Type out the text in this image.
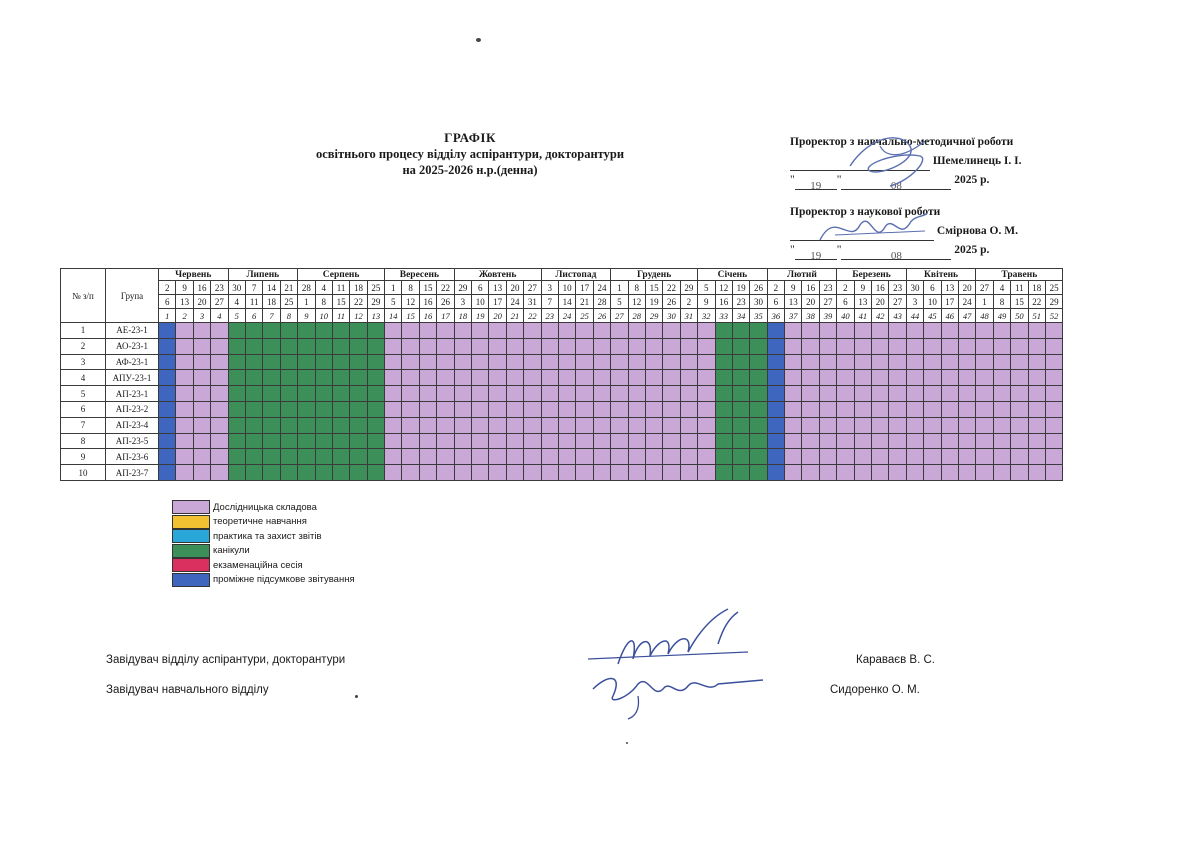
ГРАФІК
освітнього процесу відділу аспірантури, докторантури
на 2025-2026 н.р.(денна)
Проректор з навчально-методичної роботи
Шемелинець І. І.
" 19 "	08	2025 р.
Проректор з наукової роботи
Смірнова О. М.
" 19 "	08	2025 р.
№ з/п	Група	Червень				Липень				Серпень					Вересень				Жовтень					Листопад				Грудень					Січень				Лютий				Березень				Квітень				Травень				
		2	9	16	23	30	7	14	21	28	4	11	18	25	1	8	15	22	29	6	13	20	27	3	10	17	24	1	8	15	22	29	5	12	19	26	2	9	16	23	2	9	16	23	30	6	13	20	27	4	11	18	25
		6	13	20	27	4	11	18	25	1	8	15	22	29	5	12	16	26	3	10	17	24	31	7	14	21	28	5	12	19	26	2	9	16	23	30	6	13	20	27	6	13	20	27	3	10	17	24	1	8	15	22	29
		1	2	3	4	5	6	7	8	9	10	11	12	13	14	15	16	17	18	19	20	21	22	23	24	25	26	27	28	29	30	31	32	33	34	35	36	37	38	39	40	41	42	43	44	45	46	47	48	49	50	51	52
1	АЕ-23-1																																																				
2	АО-23-1																																																				
3	АФ-23-1																																																				
4	АПУ-23-1																																																				
5	АП-23-1																																																				
6	АП-23-2																																																				
7	АП-23-4																																																				
8	АП-23-5																																																				
9	АП-23-6																																																				
10	АП-23-7																																																				
Дослідницька складова
теоретичне навчання
практика та захист звітів
канікули
екзаменаційна сесія
проміжне підсумкове звітування
Завідувач відділу аспірантури, докторантури	Караваєв В. С.
Завідувач навчального відділу	Сидоренко О. М.
